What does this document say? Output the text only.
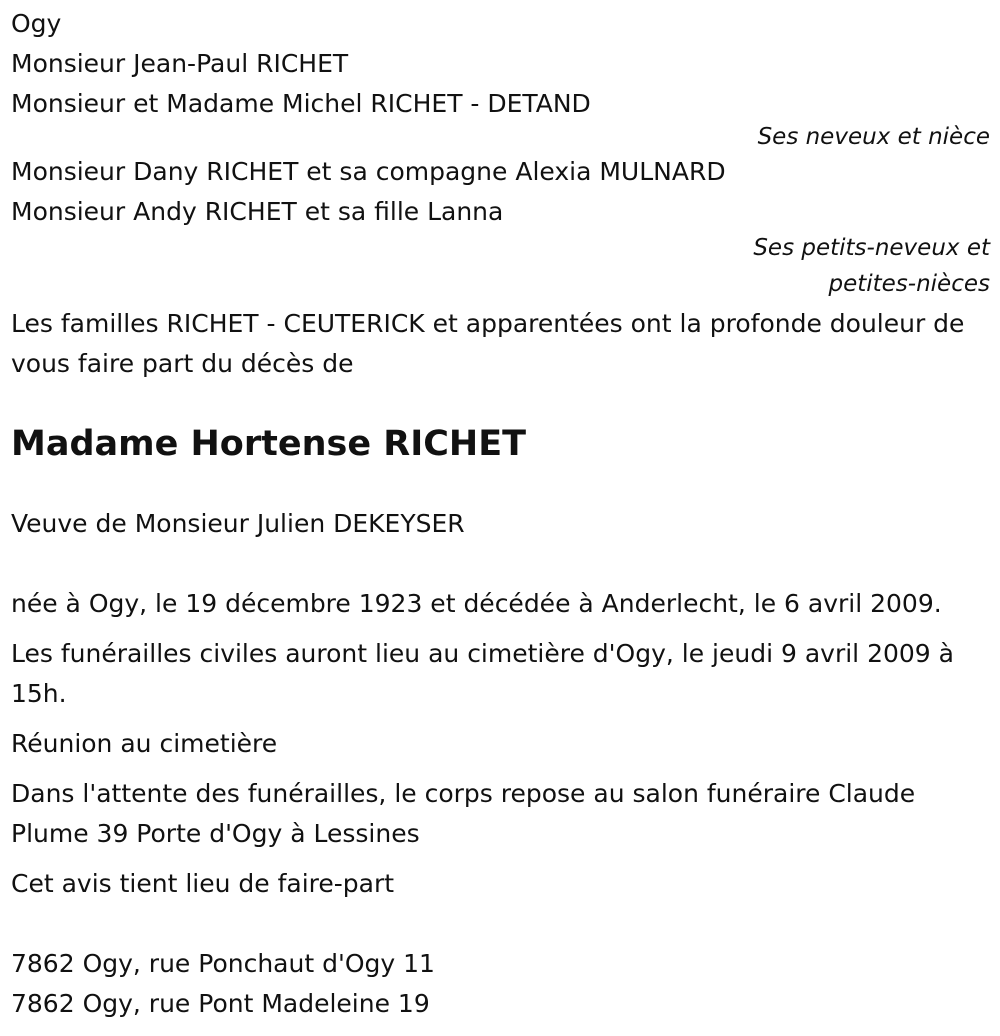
Ogy
Monsieur Jean-Paul RICHET
Monsieur et Madame Michel RICHET - DETAND
Ses neveux et nièce
Monsieur Dany RICHET et sa compagne Alexia MULNARD
Monsieur Andy RICHET et sa fille Lanna
Ses petits-neveux et
petites-nièces
Les familles RICHET - CEUTERICK et apparentées ont la profonde douleur de vous faire part du décès de
Madame Hortense RICHET
Veuve de Monsieur Julien DEKEYSER
née à Ogy, le 19 décembre 1923 et décédée à Anderlecht, le 6 avril 2009.
Les funérailles civiles auront lieu au cimetière d'Ogy, le jeudi 9 avril 2009 à 15h.
Réunion au cimetière
Dans l'attente des funérailles, le corps repose au salon funéraire Claude Plume 39 Porte d'Ogy à Lessines
Cet avis tient lieu de faire-part
7862 Ogy, rue Ponchaut d'Ogy 11
7862 Ogy, rue Pont Madeleine 19
